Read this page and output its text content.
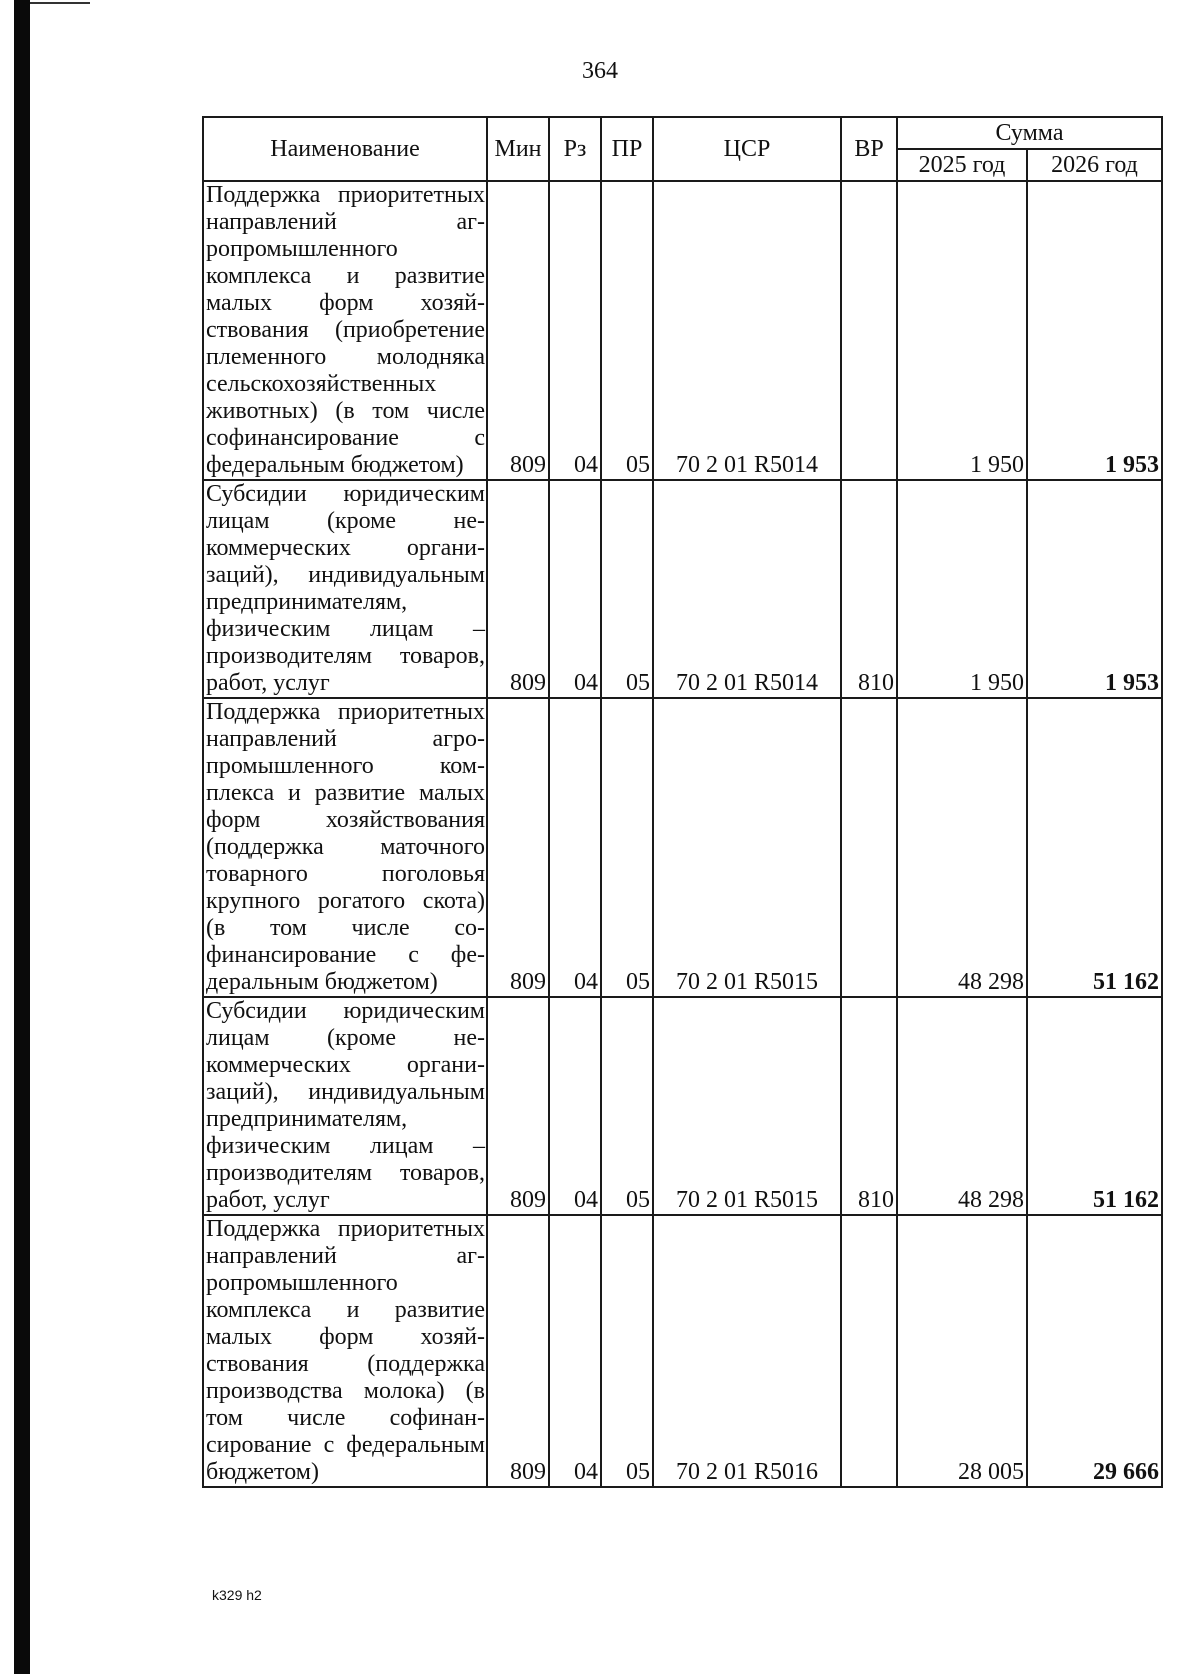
364
Наименование	Мин	Рз	ПР	ЦСР	ВР	Сумма	
						2025 год	2026 год
Поддержка приоритетных направлений агропромышленного комплекса и развитие малых форм хозяйствования (приобретение племенного молодняка сельскохозяйственных животных) (в том числе софинансирование с федеральным бюджетом)	809	04	05	70 2 01 R5014		1 950	1 953
Субсидии юридическим лицам (кроме некоммерческих организаций), индивидуальным предпринимателям, физическим лицам – производителям товаров, работ, услуг	809	04	05	70 2 01 R5014	810	1 950	1 953
Поддержка приоритетных направлений агропромышленного комплекса и развитие малых форм хозяйствования (поддержка маточного товарного поголовья крупного рогатого скота) (в том числе софинансирование с федеральным бюджетом)	809	04	05	70 2 01 R5015		48 298	51 162
Субсидии юридическим лицам (кроме некоммерческих организаций), индивидуальным предпринимателям, физическим лицам – производителям товаров, работ, услуг	809	04	05	70 2 01 R5015	810	48 298	51 162
Поддержка приоритетных направлений агропромышленного комплекса и развитие малых форм хозяйствования (поддержка производства молока) (в том числе софинансирование с федеральным бюджетом)	809	04	05	70 2 01 R5016		28 005	29 666
k329 h2
